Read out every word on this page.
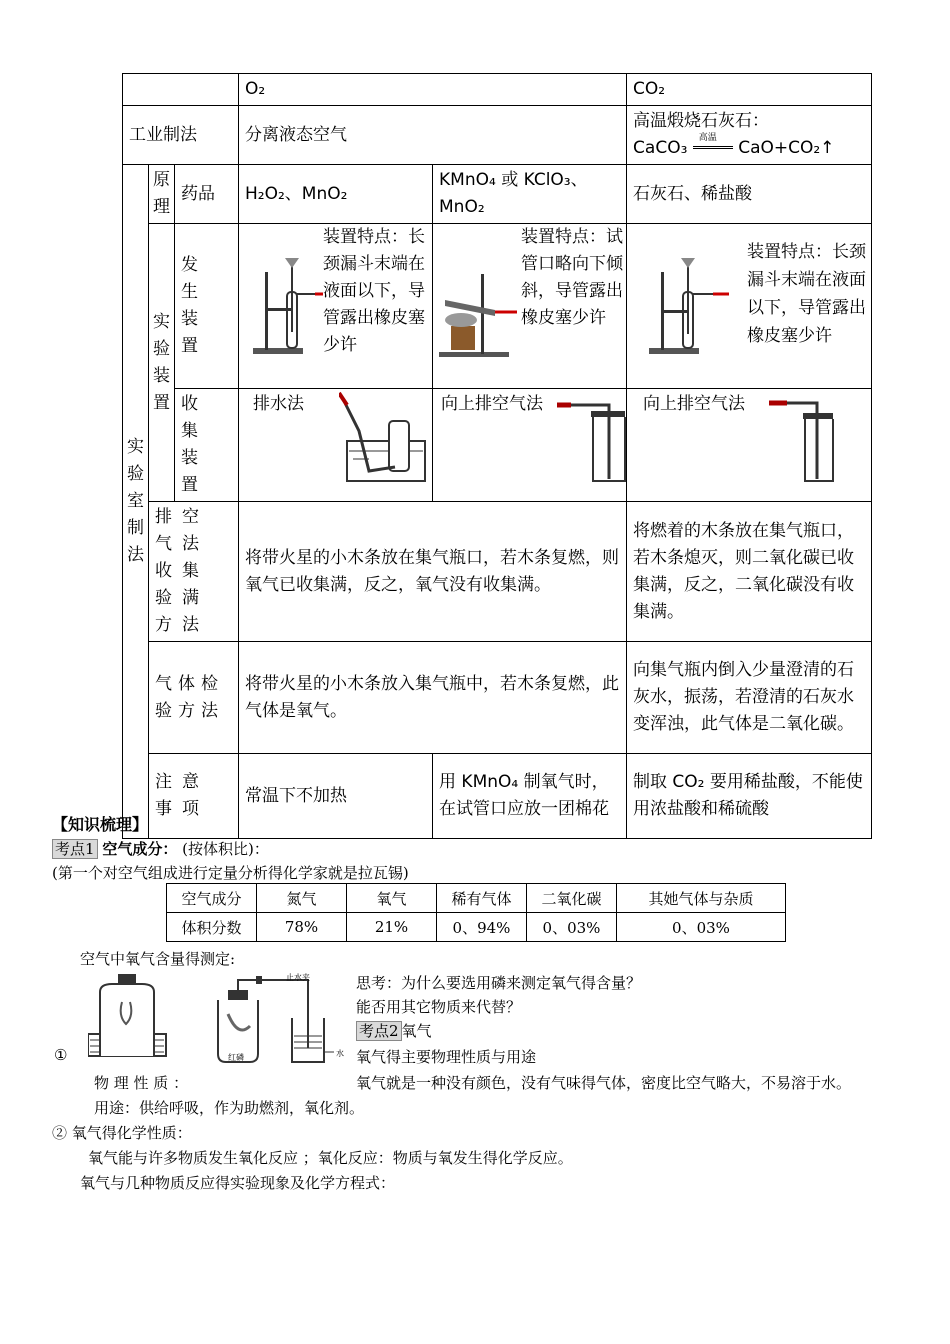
			O₂		CO₂
工业制法			分离液态空气		高温煅烧石灰石：
CaCO₃ 高温 CaO+CO₂↑

实验室制法	原理	药品	H₂O₂、MnO₂	KMnO₄ 或 KClO₃、MnO₂	石灰石、稀盐酸

	实验装置	发生装置	装置特点：长颈漏斗末端在液面以下，导管露出橡皮塞少许	装置特点：试管口略向下倾斜，导管露出橡皮塞少许	装置特点：长颈漏斗末端在液面以下，导管露出橡皮塞少许

		收集装置	排水法	向上排空气法	向上排空气法

	排空气法收集验满方法		将带火星的小木条放在集气瓶口，若木条复燃，则氧气已收集满，反之，氧气没有收集满。		将燃着的木条放在集气瓶口，若木条熄灭，则二氧化碳已收集满，反之，二氧化碳没有收集满。
	气体检验方法		将带火星的小木条放入集气瓶中，若木条复燃，此气体是氧气。		向集气瓶内倒入少量澄清的石灰水，振荡，若澄清的石灰水变浑浊，此气体是二氧化碳。
	注意事项		常温下不加热	用 KMnO₄ 制氧气时，在试管口应放一团棉花	制取 CO₂ 要用稀盐酸，不能使用浓盐酸和稀硫酸
【知识梳理】
考点1 空气成分： (按体积比)：
(第一个对空气组成进行定量分析得化学家就是拉瓦锡)
空气成分	氮气	氧气	稀有气体	二氧化碳	其她气体与杂质
体积分数	78%	21%	0、94%	0、03%	0、03%
空气中氧气含量得测定:
止水夹
红磷	水
思考：为什么要选用磷来测定氧气得含量？
能否用其它物质来代替？
考点2 氧气
①	氧气得主要物理性质与用途
物 理 性 质 ：	氧气就是一种没有颜色，没有气味得气体，密度比空气略大，不易溶于水。
用途：供给呼吸，作为助燃剂，氧化剂。
② 氧气得化学性质：
氧气能与许多物质发生氧化反应 ；氧化反应：物质与氧发生得化学反应。
氧气与几种物质反应得实验现象及化学方程式：
